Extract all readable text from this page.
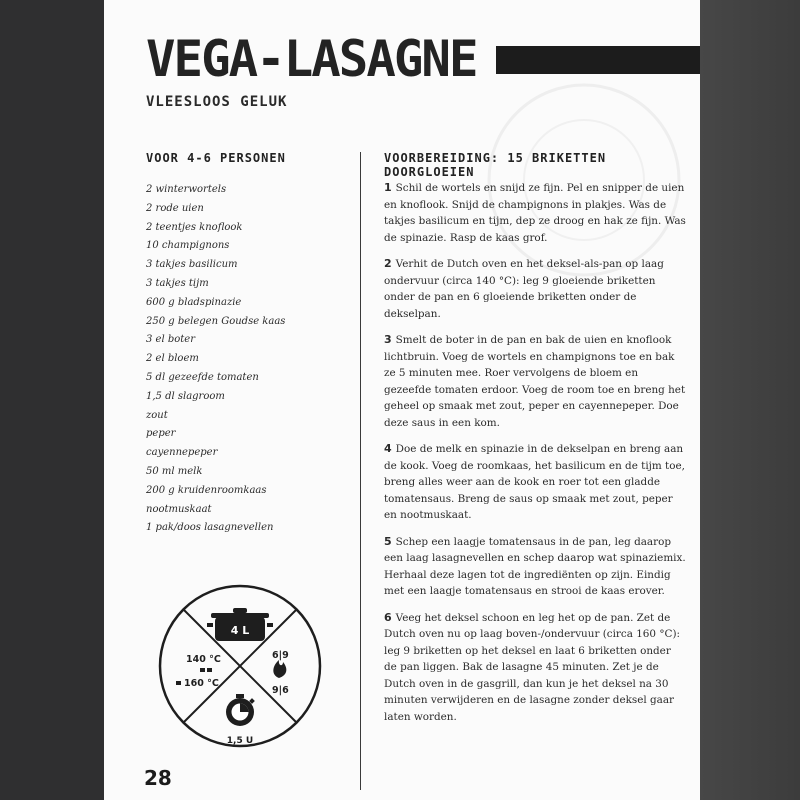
VEGA-LASAGNE
VLEESLOOS GELUK
VOOR 4-6 PERSONEN	VOORBEREIDING: 15 BRIKETTEN DOORGLOEIEN
2 winterwortels
2 rode uien
2 teentjes knoflook
10 champignons
3 takjes basilicum
3 takjes tijm
600 g bladspinazie
250 g belegen Goudse kaas
3 el boter
2 el bloem
5 dl gezeefde tomaten
1,5 dl slagroom
zout
peper
cayennepeper
50 ml melk
200 g kruidenroomkaas
nootmuskaat
1 pak/doos lasagnevellen

1 Schil de wortels en snijd ze fijn. Pel en snipper de uien en knoflook. Snijd de champignons in plakjes. Was de takjes basilicum en tijm, dep ze droog en hak ze fijn. Was de spinazie. Rasp de kaas grof.

2 Verhit de Dutch oven en het deksel-als-pan op laag ondervuur (circa 140 °C): leg 9 gloeiende briketten onder de pan en 6 gloeiende briketten onder de dekselpan.

3 Smelt de boter in de pan en bak de uien en knoflook lichtbruin. Voeg de wortels en champignons toe en bak ze 5 minuten mee. Roer vervolgens de bloem en gezeefde tomaten erdoor. Voeg de room toe en breng het geheel op smaak met zout, peper en cayennepeper. Doe deze saus in een kom.

4 Doe de melk en spinazie in de dekselpan en breng aan de kook. Voeg de roomkaas, het basilicum en de tijm toe, breng alles weer aan de kook en roer tot een gladde tomatensaus. Breng de saus op smaak met zout, peper en nootmuskaat.

5 Schep een laagje tomatensaus in de pan, leg daarop een laag lasagnevellen en schep daarop wat spinaziemix. Herhaal deze lagen tot de ingrediënten op zijn. Eindig met een laagje tomatensaus en strooi de kaas erover.

6 Veeg het deksel schoon en leg het op de pan. Zet de Dutch oven nu op laag boven-/ondervuur (circa 160 °C): leg 9 briketten op het deksel en laat 6 briketten onder de pan liggen. Bak de lasagne 45 minuten. Zet je de Dutch oven in de gasgrill, dan kun je het deksel na 30 minuten verwijderen en de lasagne zonder deksel gaar laten worden.

4 L
140 °C
160 °C
6|9
9|6
1,5 U
28
